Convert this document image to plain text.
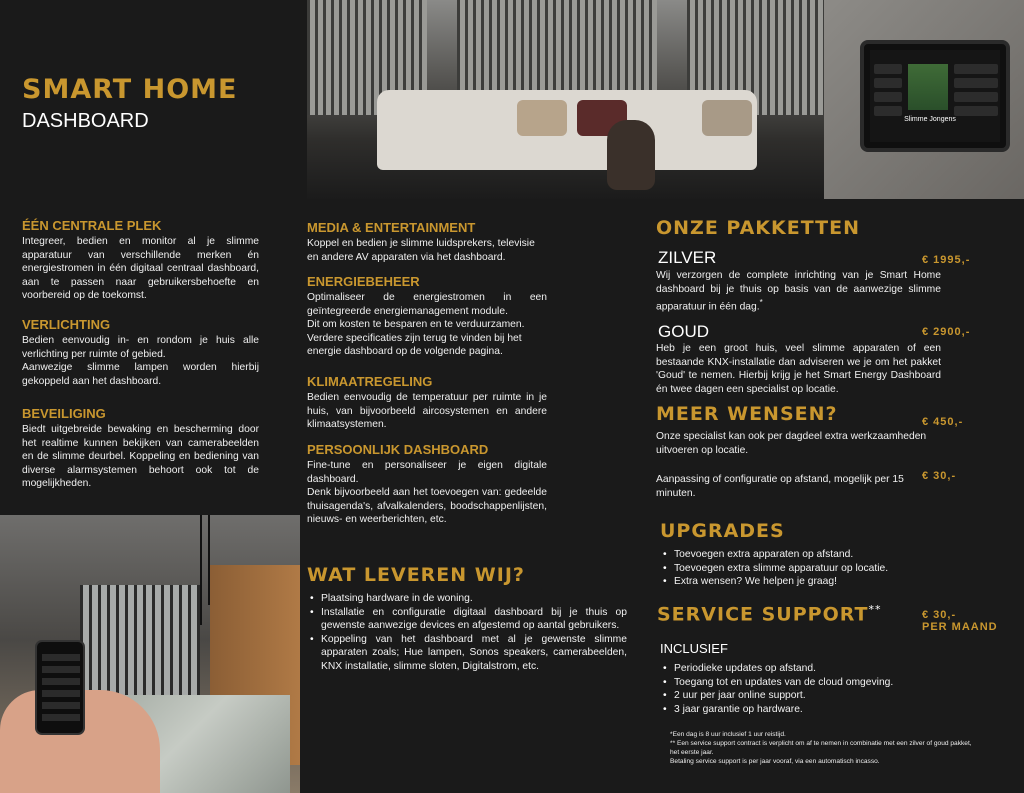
SMART HOME
DASHBOARD	Slimme Jongens
ÉÉN CENTRALE PLEK
Integreer, bedien en monitor al je slimme apparatuur van verschillende merken én energiestromen in één digitaal centraal dashboard, aan te passen naar gebruikersbehoefte en voorbereid op de toekomst.
VERLICHTING
Bedien eenvoudig in- en rondom je huis alle verlichting per ruimte of gebied.
Aanwezige slimme lampen worden hierbij gekoppeld aan het dashboard.
BEVEILIGING
Biedt uitgebreide bewaking en bescherming door het realtime kunnen bekijken van camerabeelden en de slimme deurbel. Koppeling en bediening van diverse alarmsystemen behoort ook tot de mogelijkheden.
MEDIA & ENTERTAINMENT
Koppel en bedien je slimme luidsprekers, televisie en andere AV apparaten via het dashboard.
ENERGIEBEHEER
Optimaliseer de energiestromen in een geïntegreerde energiemanagement module.
Dit om kosten te besparen en te verduurzamen. Verdere specificaties zijn terug te vinden bij het energie dashboard op de volgende pagina.
KLIMAATREGELING
Bedien eenvoudig de temperatuur per ruimte in je huis, van bijvoorbeeld aircosystemen en andere klimaatsystemen.
PERSOONLIJK DASHBOARD
Fine-tune en personaliseer je eigen digitale dashboard.
Denk bijvoorbeeld aan het toevoegen van: gedeelde thuisagenda's, afvalkalenders, boodschappenlijsten, nieuws- en weerberichten, etc.
WAT LEVEREN WIJ?
• Plaatsing hardware in de woning.
• Installatie en configuratie digitaal dashboard bij je thuis op gewenste aanwezige devices en afgestemd op aantal gebruikers.
• Koppeling van het dashboard met al je gewenste slimme apparaten zoals; Hue lampen, Sonos speakers, camerabeelden, KNX installatie, slimme sloten, Digitalstrom, etc.
ONZE PAKKETTEN
ZILVER	€ 1995,-
Wij verzorgen de complete inrichting van je Smart Home dashboard bij je thuis op basis van de aanwezige slimme apparatuur in één dag.*
GOUD	€ 2900,-
Heb je een groot huis, veel slimme apparaten of een bestaande KNX-installatie dan adviseren we je om het pakket 'Goud' te nemen. Hierbij krijg je het Smart Energy Dashboard én twee dagen een specialist op locatie.
MEER WENSEN?	€ 450,-
Onze specialist kan ook per dagdeel extra werkzaamheden uitvoeren op locatie.
€ 30,-
Aanpassing of configuratie op afstand, mogelijk per 15 minuten.
UPGRADES
• Toevoegen extra apparaten op afstand.
• Toevoegen extra slimme apparatuur op locatie.
• Extra wensen? We helpen je graag!
SERVICE SUPPORT**	€ 30,-
PER MAAND
INCLUSIEF
• Periodieke updates op afstand.
• Toegang tot en updates van de cloud omgeving.
• 2 uur per jaar online support.
• 3 jaar garantie op hardware.
*Een dag is 8 uur inclusief 1 uur reistijd.
** Een service support contract is verplicht om af te nemen in combinatie met een zilver of goud pakket, het eerste jaar.
Betaling service support is per jaar vooraf, via een automatisch incasso.
